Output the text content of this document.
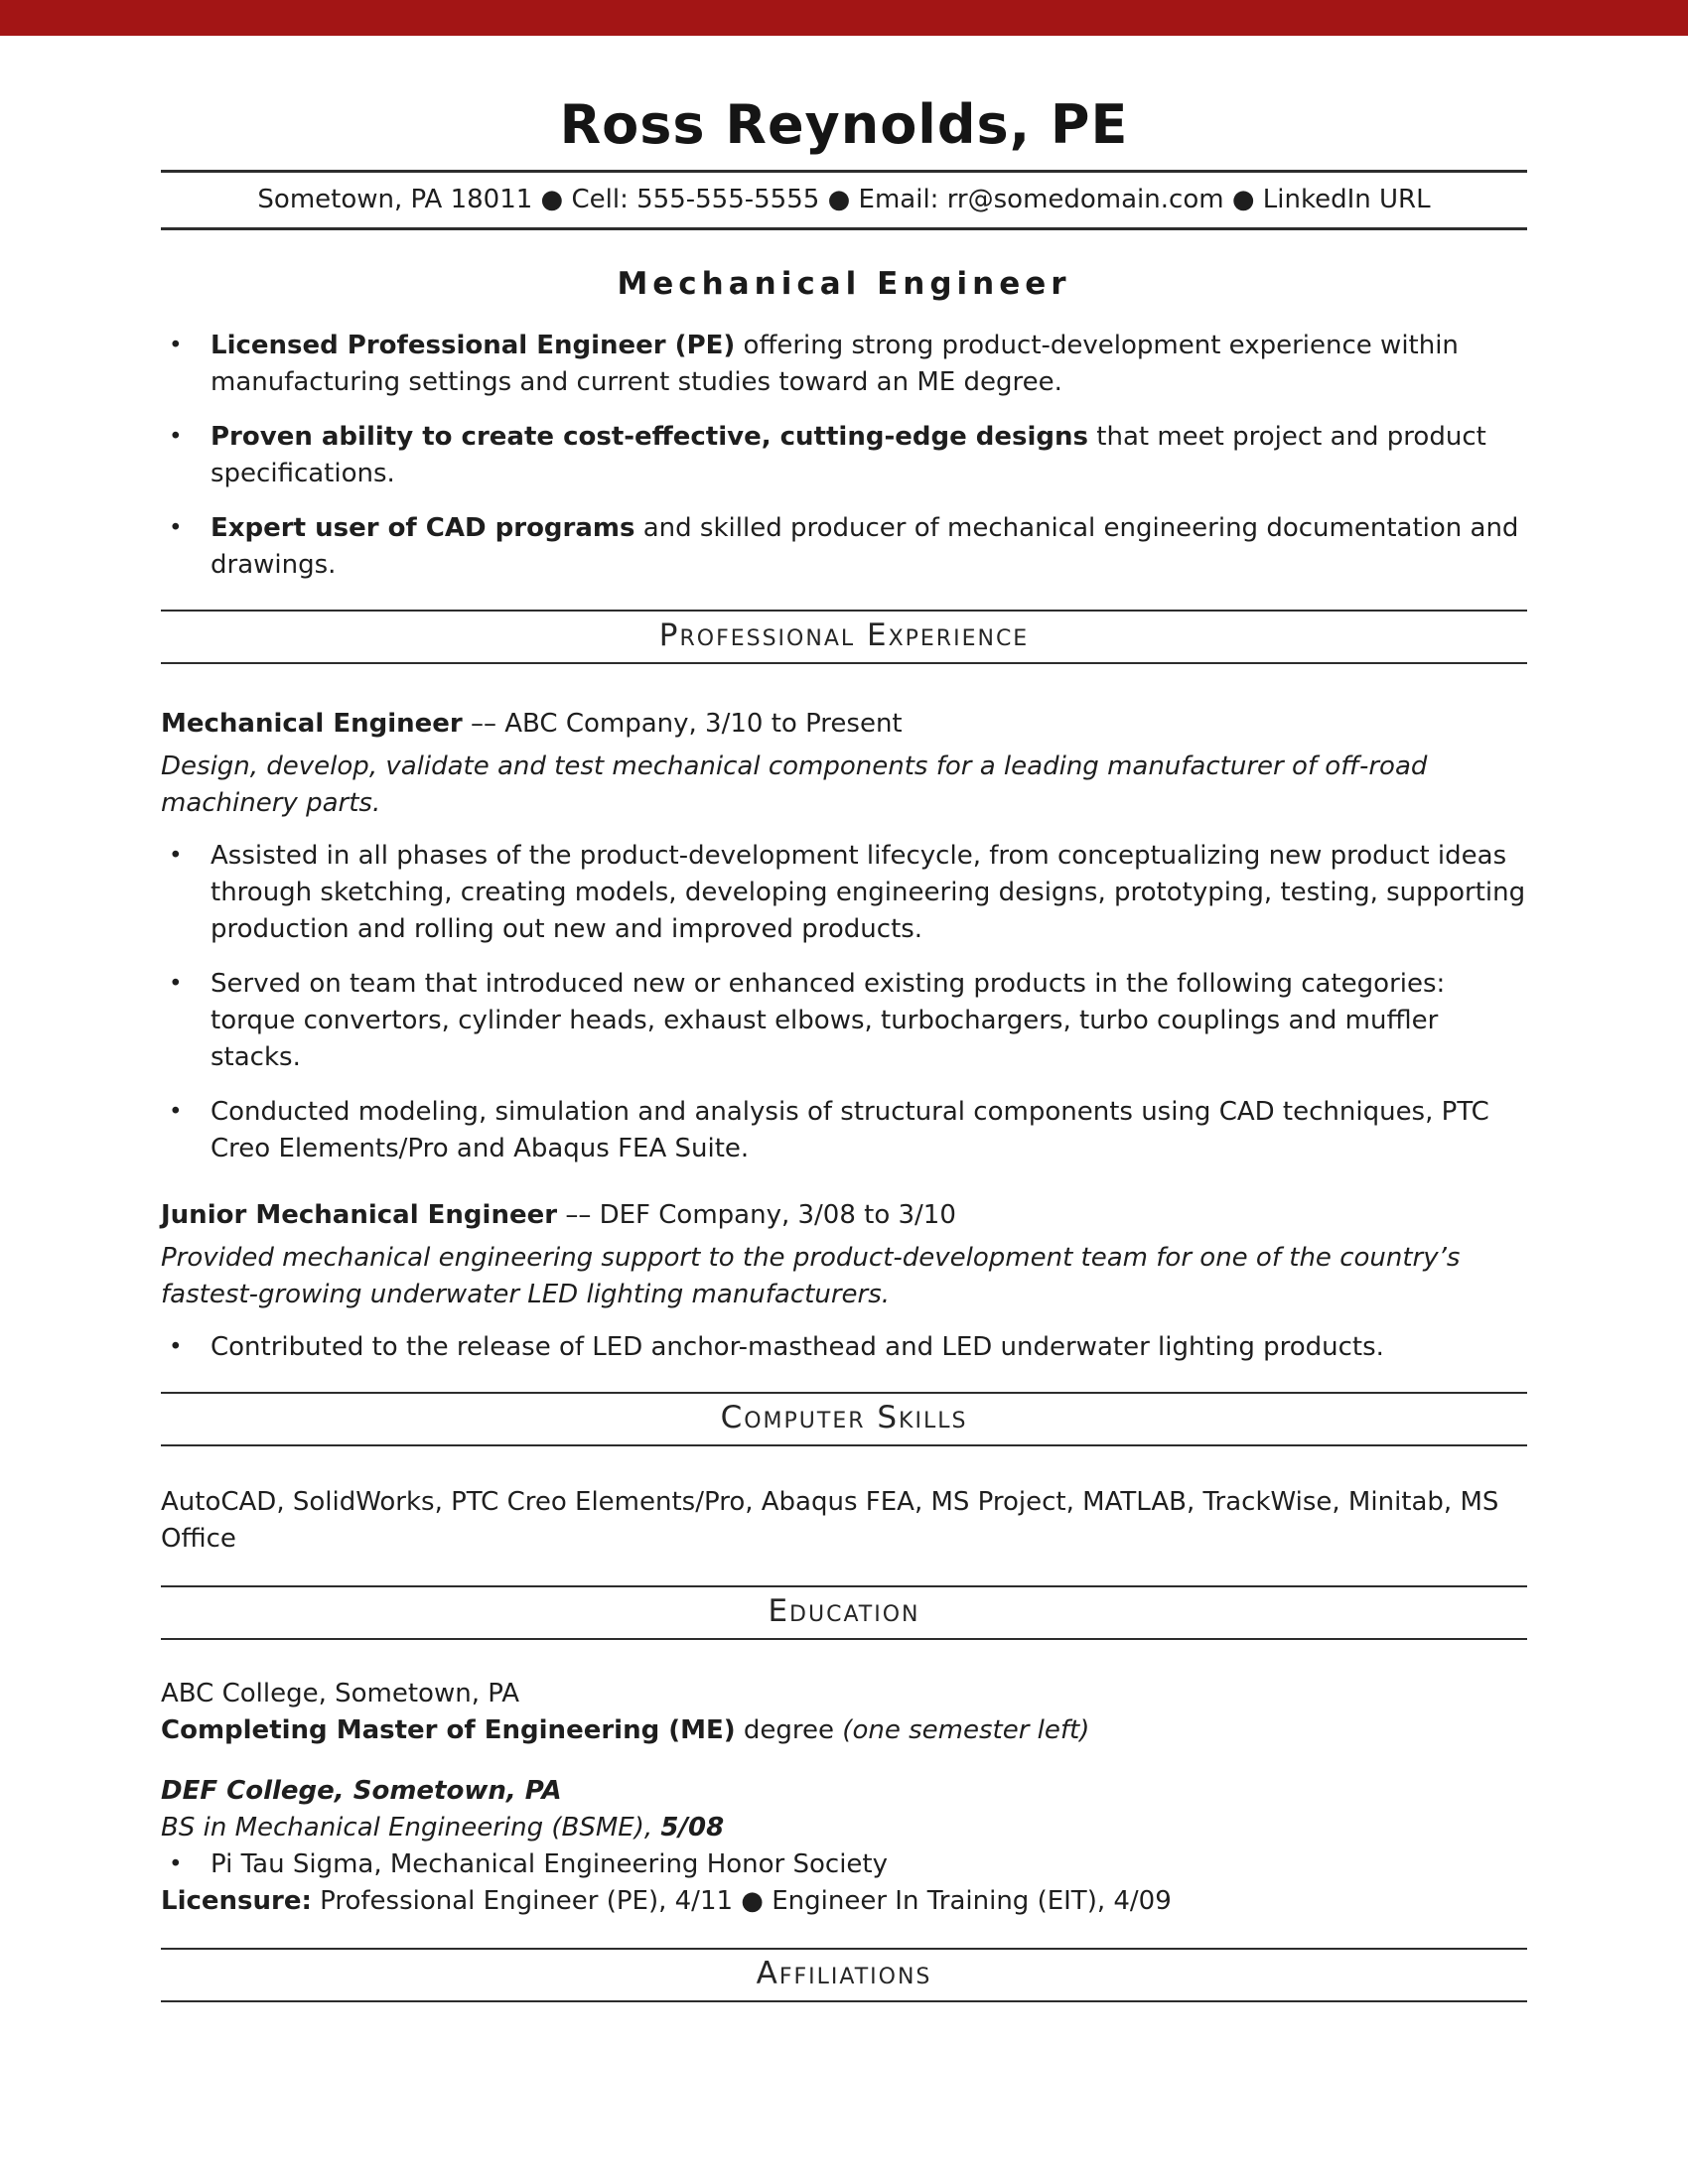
Ross Reynolds, PE
Sometown, PA 18011 ● Cell: 555-555-5555 ● Email: rr@somedomain.com ● LinkedIn URL
Mechanical Engineer
•	Licensed Professional Engineer (PE) offering strong product-development experience within manufacturing settings and current studies toward an ME degree.

•	Proven ability to create cost-effective, cutting-edge designs that meet project and product specifications.

•	Expert user of CAD programs and skilled producer of mechanical engineering documentation and drawings.

Professional Experience

Mechanical Engineer –– ABC Company, 3/10 to Present

Design, develop, validate and test mechanical components for a leading manufacturer of off-road machinery parts.

•	Assisted in all phases of the product-development lifecycle, from conceptualizing new product ideas through sketching, creating models, developing engineering designs, prototyping, testing, supporting production and rolling out new and improved products.

•	Served on team that introduced new or enhanced existing products in the following categories: torque convertors, cylinder heads, exhaust elbows, turbochargers, turbo couplings and muffler stacks.

•	Conducted modeling, simulation and analysis of structural components using CAD techniques, PTC Creo Elements/Pro and Abaqus FEA Suite.

Junior Mechanical Engineer –– DEF Company, 3/08 to 3/10

Provided mechanical engineering support to the product-development team for one of the country’s fastest-growing underwater LED lighting manufacturers.

•	Contributed to the release of LED anchor-masthead and LED underwater lighting products.

Computer Skills

AutoCAD, SolidWorks, PTC Creo Elements/Pro, Abaqus FEA, MS Project, MATLAB, TrackWise, Minitab, MS Office

Education

ABC College, Sometown, PA

Completing Master of Engineering (ME) degree (one semester left)

DEF College, Sometown, PA

BS in Mechanical Engineering (BSME), 5/08

•	Pi Tau Sigma, Mechanical Engineering Honor Society

Licensure: Professional Engineer (PE), 4/11 ● Engineer In Training (EIT), 4/09

Affiliations
